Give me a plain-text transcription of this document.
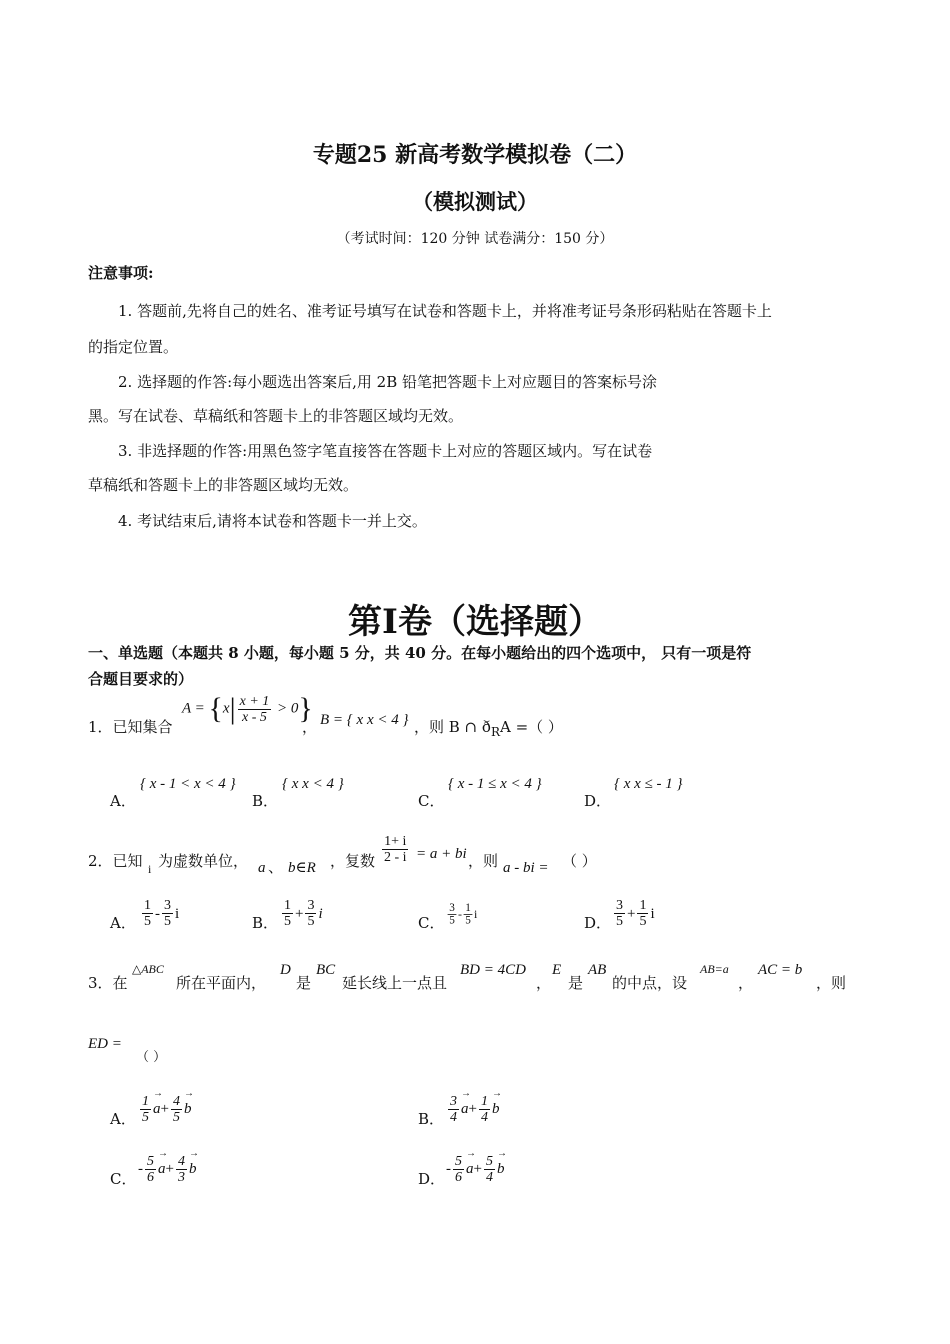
专题25 新高考数学模拟卷（二）
（模拟测试）
（考试时间：120 分钟 试卷满分：150 分）
注意事项:
1. 答题前,先将自己的姓名、准考证号填写在试卷和答题卡上，并将准考证号条形码粘贴在答题卡上
的指定位置。
2. 选择题的作答:每小题选出答案后,用 2B 铅笔把答题卡上对应题目的答案标号涂
黑。写在试卷、草稿纸和答题卡上的非答题区域均无效。
3. 非选择题的作答:用黑色签字笔直接答在答题卡上对应的答题区域内。写在试卷
草稿纸和答题卡上的非答题区域均无效。
4. 考试结束后,请将本试卷和答题卡一并上交。
第Ⅰ卷（选择题）
一、单选题（本题共 8 小题，每小题 5 分，共 40 分。在每小题给出的四个选项中， 只有一项是符
合题目要求的）
1．已知集合
$A = \{x| \frac{x + 1}{x - 5} > 0\}$
， B = { x x < 4 } ，则 B ∩ $ð_RA$ =（ ）
A．
{ x - 1 < x < 4 }
B．
{ x x < 4 }
C．
{ x - 1 ≤ x < 4 }
D．
{ x x ≤ - 1 }
2．已知 i 为虚数单位， a 、 b∈R ，复数 $\frac{1+ i}{2 - i} = a$ + bi ，则 a - bi = （ ）
A． $\frac{1}{5} - \frac{3}{5}$ i	B． $\frac{1}{5} + \frac{3}{5}$ i	C． $\frac{3}{5} - \frac{1}{5}$ i	D． $\frac{3}{5} + \frac{1}{5}$ i
3．在
△ABC
所在平面内，
D
是
BC
延长线上一点且
BD = 4CD
，
E
是
AB
的中点，设
AB=a
，
AC = b
，则
ED =
（ ）
A． $\frac{1}{5}$
→ $a+ \frac{4}{5}$
→ b
B． $\frac{3}{4}$
→ $a+ \frac{1}{4}$
→ b
C．
- $\frac{5}{6}$
→ $a+ \frac{4}{3}$
→ b
D．
- $\frac{5}{6}$
→ $a+ \frac{5}{4}$
→ b
